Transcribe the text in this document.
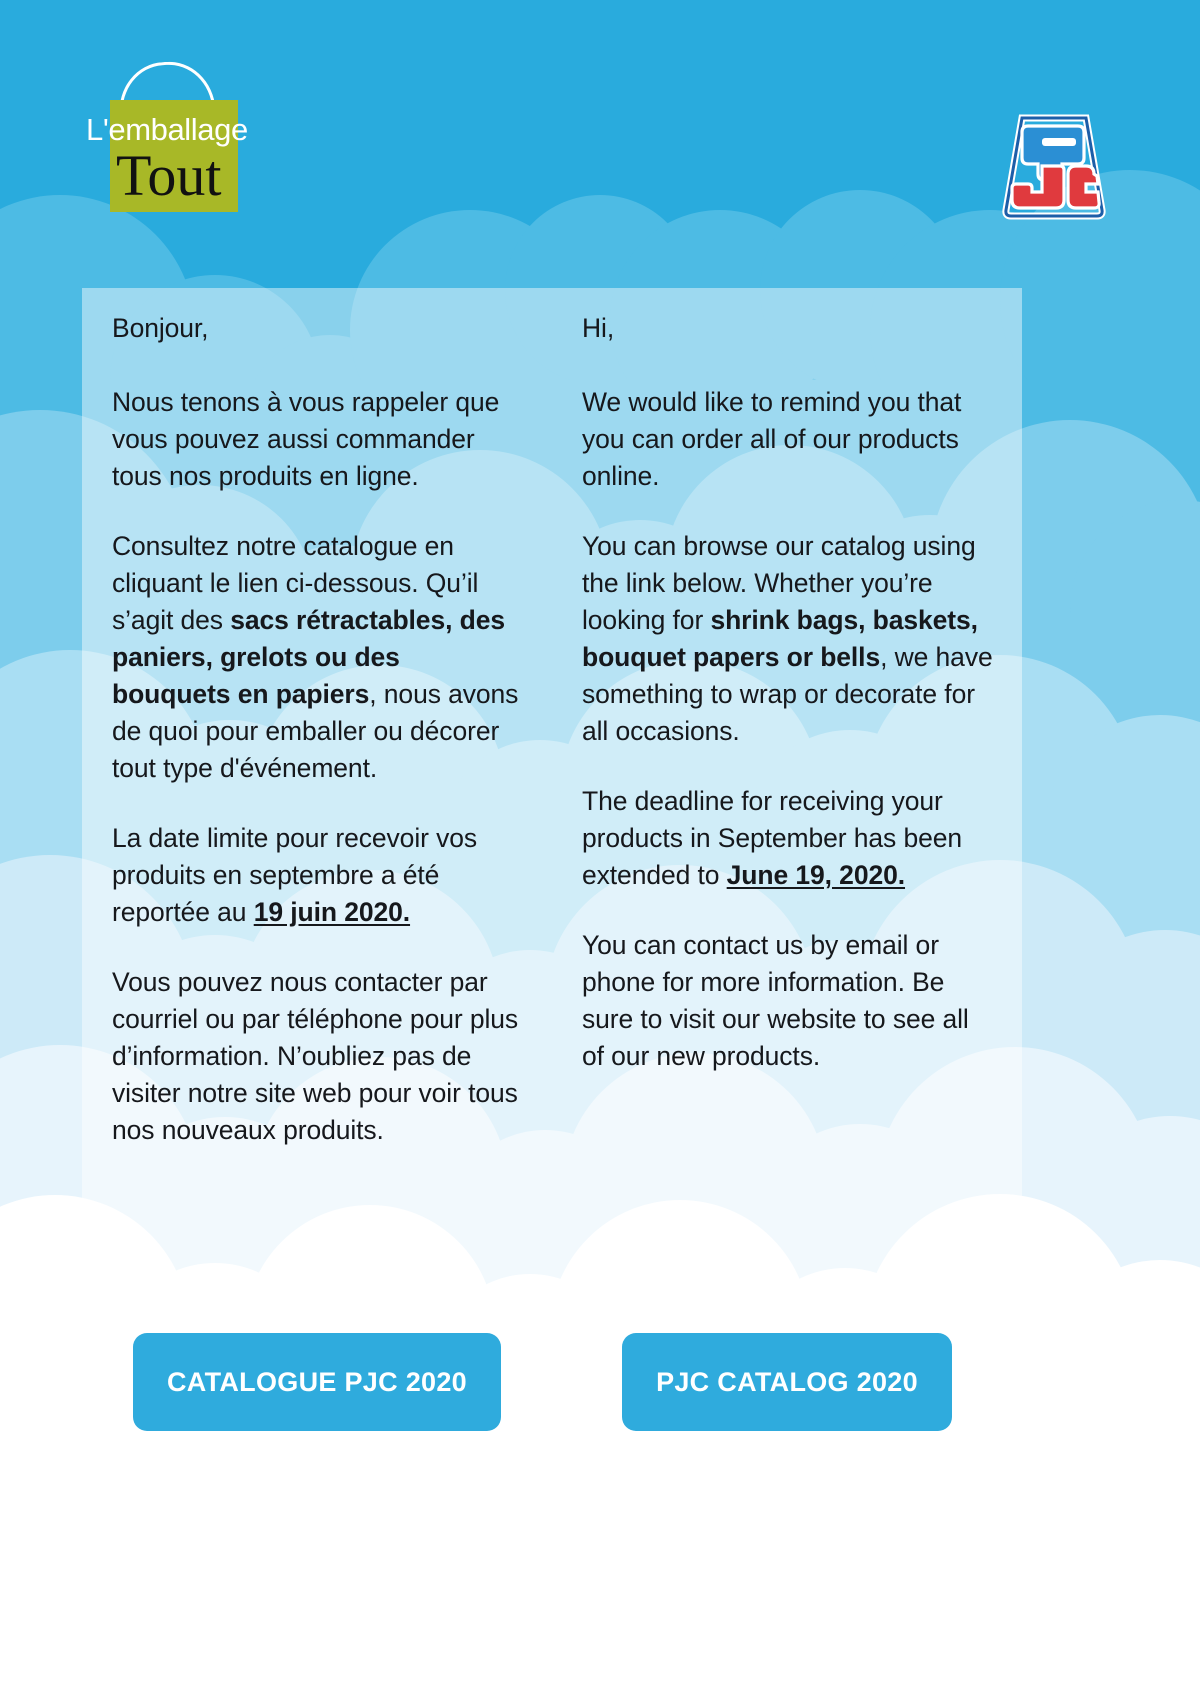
L'emballage
Tout

Bonjour,

Nous tenons à vous rappeler que vous pouvez aussi commander tous nos produits en ligne.

Consultez notre catalogue en cliquant le lien ci-dessous. Qu’il s’agit des sacs rétractables, des paniers, grelots ou des bouquets en papiers, nous avons de quoi pour emballer ou décorer tout type d'événement.

La date limite pour recevoir vos produits en septembre a été reportée au 19 juin 2020.

Vous pouvez nous contacter par courriel ou par téléphone pour plus d’information. N’oubliez pas de visiter notre site web pour voir tous nos nouveaux produits.

Hi,

We would like to remind you that you can order all of our products online.

You can browse our catalog using the link below. Whether you’re looking for shrink bags, baskets, bouquet papers or bells, we have something to wrap or decorate for all occasions.

The deadline for receiving your products in September has been extended to June 19, 2020.

You can contact us by email or phone for more information. Be sure to visit our website to see all of our new products.

CATALOGUE PJC 2020	PJC CATALOG 2020
